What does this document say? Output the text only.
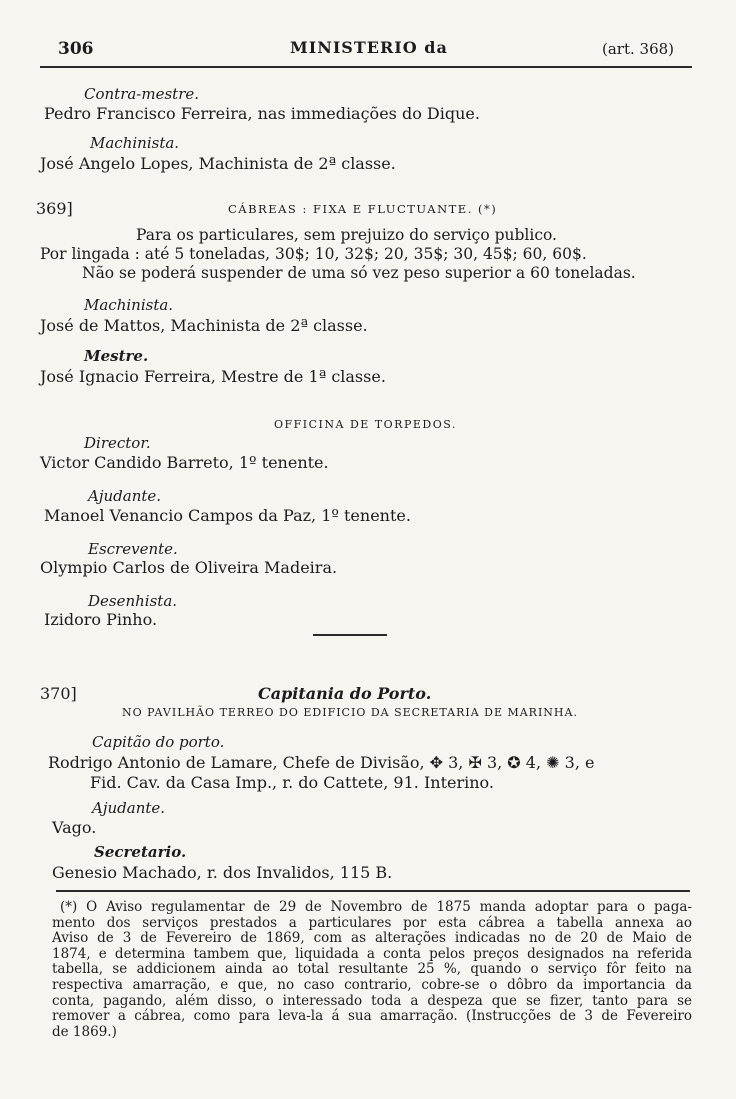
306	MINISTERIO da	(art. 368)
Contra-mestre.
Pedro Francisco Ferreira, nas immediações do Dique.
Machinista.
José Angelo Lopes, Machinista de 2ª classe.
369]	CÁBREAS : FIXA E FLUCTUANTE. (*)
Para os particulares, sem prejuizo do serviço publico.
Por lingada : até 5 toneladas, 30$; 10, 32$; 20, 35$; 30, 45$; 60, 60$.
Não se poderá suspender de uma só vez peso superior a 60 toneladas.
Machinista.
José de Mattos, Machinista de 2ª classe.
Mestre.
José Ignacio Ferreira, Mestre de 1ª classe.
OFFICINA DE TORPEDOS.
Director.
Victor Candido Barreto, 1º tenente.
Ajudante.
Manoel Venancio Campos da Paz, 1º tenente.
Escrevente.
Olympio Carlos de Oliveira Madeira.
Desenhista.
Izidoro Pinho.
370]	Capitania do Porto.
NO PAVILHÃO TERREO DO EDIFICIO DA SECRETARIA DE MARINHA.
Capitão do porto.
Rodrigo Antonio de Lamare, Chefe de Divisão, ✥ 3, ✠ 3, ✪ 4, ✺ 3, e
Fid. Cav. da Casa Imp., r. do Cattete, 91. Interino.
Ajudante.
Vago.
Secretario.
Genesio Machado, r. dos Invalidos, 115 B.
(*) O Aviso regulamentar de 29 de Novembro de 1875 manda adoptar para o paga-
mento dos serviços prestados a particulares por esta cábrea a tabella annexa ao
Aviso de 3 de Fevereiro de 1869, com as alterações indicadas no de 20 de Maio de
1874, e determina tambem que, liquidada a conta pelos preços designados na referida
tabella, se addicionem ainda ao total resultante 25 %, quando o serviço fôr feito na
respectiva amarração, e que, no caso contrario, cobre-se o dôbro da importancia da
conta, pagando, além disso, o interessado toda a despeza que se fizer, tanto para se
remover a cábrea, como para leva-la á sua amarração. (Instrucções de 3 de Fevereiro
de 1869.)
